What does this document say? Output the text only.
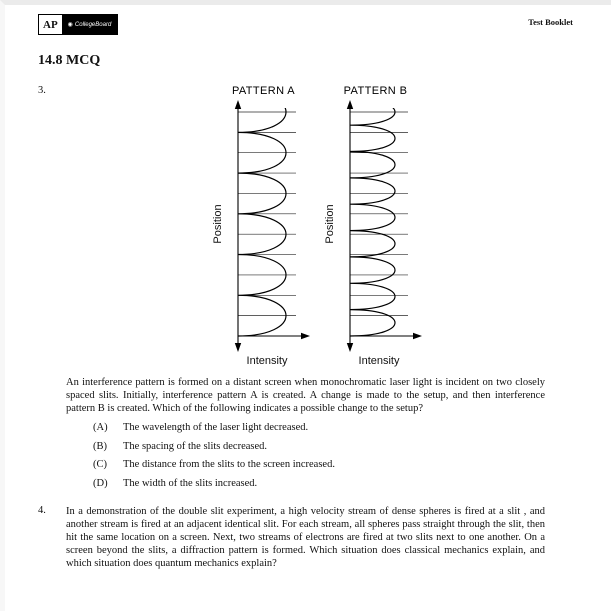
AP	◉ CollegeBoard	Test Booklet
14.8 MCQ
3.	PATTERN A
Position
Intensity
PATTERN B
Position
Intensity

An interference pattern is formed on a distant screen when monochromatic laser light is incident on two closely spaced slits. Initially, interference pattern A is created. A change is made to the setup, and then interference pattern B is created. Which of the following indicates a possible change to the setup?

(A)	The wavelength of the laser light decreased.
(B)	The spacing of the slits decreased.
(C)	The distance from the slits to the screen increased.
(D)	The width of the slits increased.
4.	In a demonstration of the double slit experiment, a high velocity stream of dense spheres is fired at a slit , and another stream is fired at an adjacent identical slit. For each stream, all spheres pass straight through the slit, then hit the same location on a screen. Next, two streams of electrons are fired at two slits next to one another. On a screen beyond the slits, a diffraction pattern is formed. Which situation does classical mechanics explain, and which situation does quantum mechanics explain?
